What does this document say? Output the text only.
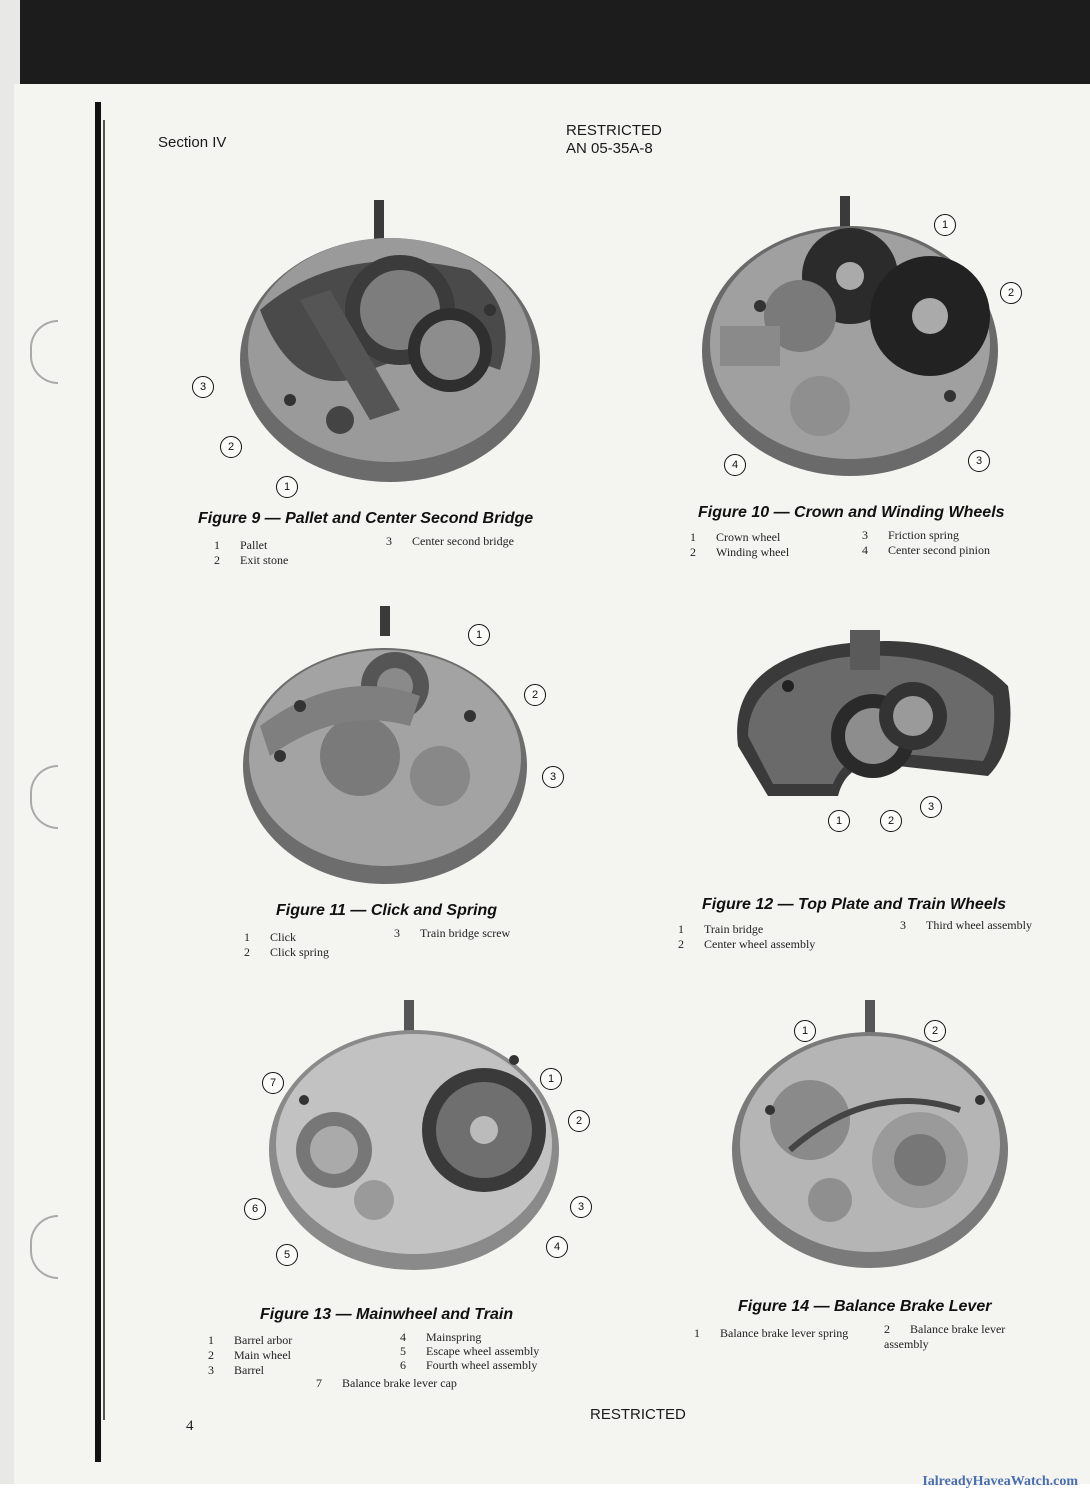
Section IV
RESTRICTED
AN 05-35A-8
3
2
1
Figure 9 — Pallet and Center Second Bridge
1 Pallet
2 Exit stone
3 Center second bridge
1
2
4	3
Figure 10 — Crown and Winding Wheels
1 Crown wheel
2 Winding wheel
3 Friction spring
4 Center second pinion
1
2
3
Figure 11 — Click and Spring
1 Click
2 Click spring
3 Train bridge screw
1	2
3
Figure 12 — Top Plate and Train Wheels
1 Train bridge
2 Center wheel assembly
3 Third wheel assembly
7	1
2
3
4
6
5
Figure 13 — Mainwheel and Train
1 Barrel arbor
2 Main wheel
3 Barrel
4 Mainspring
5 Escape wheel assembly
6 Fourth wheel assembly
7 Balance brake lever cap
1	2
Figure 14 — Balance Brake Lever
1 Balance brake lever spring	2 Balance brake lever assembly
4
RESTRICTED
IalreadyHaveaWatch.com
